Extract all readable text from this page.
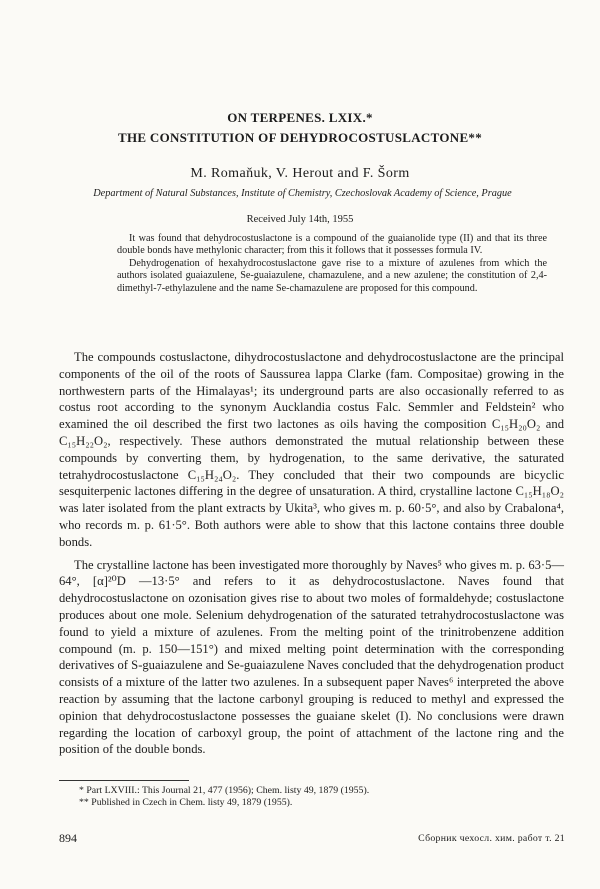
ON TERPENES. LXIX.*
THE CONSTITUTION OF DEHYDROCOSTUSLACTONE**
M. Romaňuk, V. Herout and F. Šorm
Department of Natural Substances, Institute of Chemistry, Czechoslovak Academy of Science, Prague
Received July 14th, 1955

It was found that dehydrocostuslactone is a compound of the guaianolide type (II) and that its three double bonds have methylonic character; from this it follows that it possesses formula IV.

Dehydrogenation of hexahydrocostuslactone gave rise to a mixture of azulenes from which the authors isolated guaiazulene, Se-guaiazulene, chamazulene, and a new azulene; the constitution of 2,4-dimethyl-7-ethylazulene and the name Se-chamazulene are proposed for this compound.

The compounds costuslactone, dihydrocostuslactone and dehydrocostuslactone are the principal components of the oil of the roots of Saussurea lappa Clarke (fam. Compositae) growing in the northwestern parts of the Himalayas¹; its underground parts are also occasionally referred to as costus root according to the synonym Aucklandia costus Falc. Semmler and Feldstein² who examined the oil described the first two lactones as oils having the composition C₁₅H₂₀O₂ and C₁₅H₂₂O₂, respectively. These authors demonstrated the mutual relationship between these compounds by converting them, by hydrogenation, to the same derivative, the saturated tetrahydrocostuslactone C₁₅H₂₄O₂. They concluded that their two compounds are bicyclic sesquiterpenic lactones differing in the degree of unsaturation. A third, crystalline lactone C₁₅H₁₈O₂ was later isolated from the plant extracts by Ukita³, who gives m. p. 60·5°, and also by Crabalona⁴, who records m. p. 61·5°. Both authors were able to show that this lactone contains three double bonds.

The crystalline lactone has been investigated more thoroughly by Naves⁵ who gives m. p. 63·5—64°, [α]²⁰D —13·5° and refers to it as dehydrocostuslactone. Naves found that dehydrocostuslactone on ozonisation gives rise to about two moles of formaldehyde; costuslactone produces about one mole. Selenium dehydrogenation of the saturated tetrahydrocostuslactone was found to yield a mixture of azulenes. From the melting point of the trinitrobenzene addition compound (m. p. 150—151°) and mixed melting point determination with the corresponding derivatives of S-guaiazulene and Se-guaiazulene Naves concluded that the dehydrogenation product consists of a mixture of the latter two azulenes. In a subsequent paper Naves⁶ interpreted the above reaction by assuming that the lactone carbonyl grouping is reduced to methyl and expressed the opinion that dehydrocostuslactone possesses the guaiane skelet (I). No conclusions were drawn regarding the location of carboxyl group, the point of attachment of the lactone ring and the position of the double bonds.

* Part LXVIII.: This Journal 21, 477 (1956); Chem. listy 49, 1879 (1955).
** Published in Czech in Chem. listy 49, 1879 (1955).
894	Сборник чехосл. хим. работ т. 21
